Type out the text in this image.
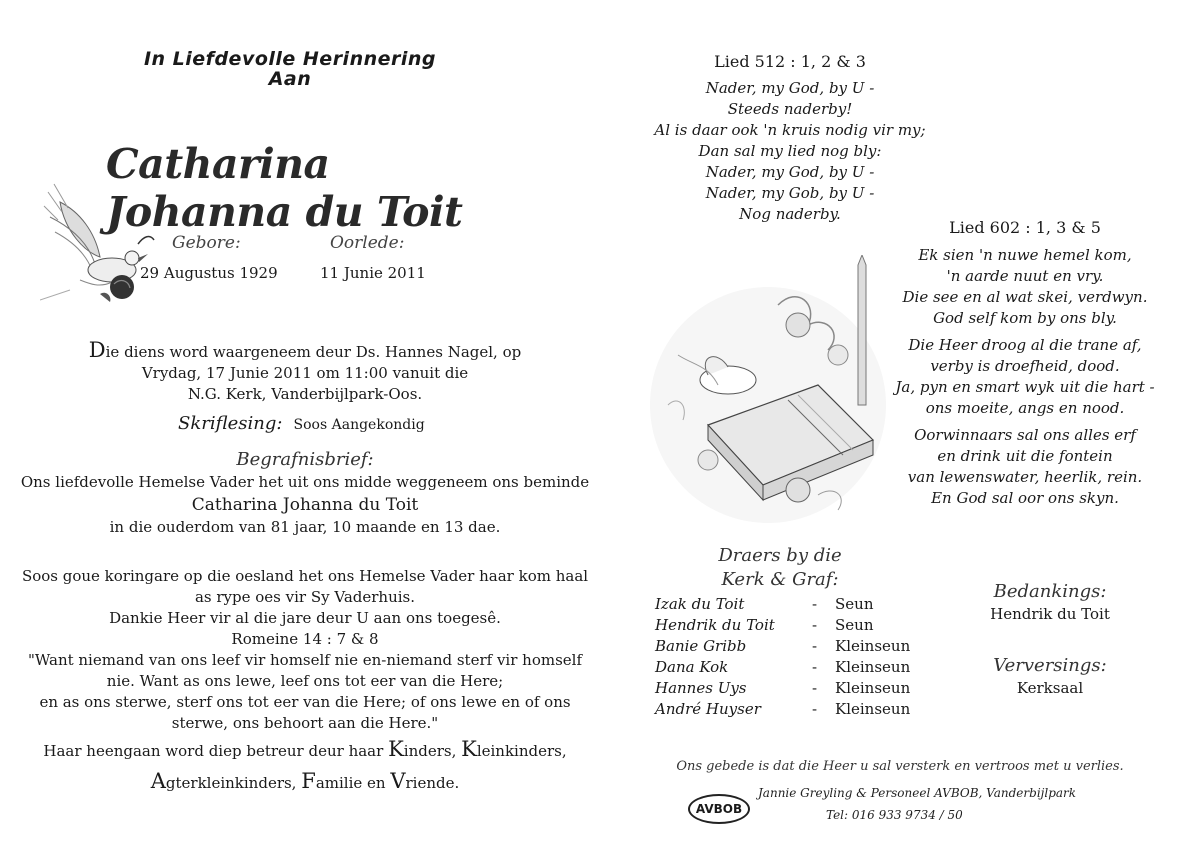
In Liefdevolle Herinnering
Aan
Catharina Johanna du Toit
Gebore:	Oorlede:
29 Augustus 1929	11 Junie 2011
Die diens word waargeneem deur Ds. Hannes Nagel, op
Vrydag, 17 Junie 2011 om 11:00 vanuit die
N.G. Kerk, Vanderbijlpark-Oos.
Skriflesing: Soos Aangekondig
Begrafnisbrief:
Ons liefdevolle Hemelse Vader het uit ons midde weggeneem ons beminde
Catharina Johanna du Toit
in die ouderdom van 81 jaar, 10 maande en 13 dae.
Soos goue koringare op die oesland het ons Hemelse Vader haar kom haal
as rype oes vir Sy Vaderhuis.
Dankie Heer vir al die jare deur U aan ons toegesê.
Romeine 14 : 7 & 8
"Want niemand van ons leef vir homself nie en-niemand sterf vir homself
nie. Want as ons lewe, leef ons tot eer van die Here;
en as ons sterwe, sterf ons tot eer van die Here; of ons lewe en of ons
sterwe, ons behoort aan die Here."
Haar heengaan word diep betreur deur haar Kinders, Kleinkinders,
Agterkleinkinders, Familie en Vriende.
Lied 512 : 1, 2 & 3
Nader, my God, by U -
Steeds naderby!
Al is daar ook 'n kruis nodig vir my;
Dan sal my lied nog bly:
Nader, my God, by U -
Nader, my Gob, by U -
Nog naderby.
Lied 602 : 1, 3 & 5
Ek sien 'n nuwe hemel kom,
'n aarde nuut en vry.
Die see en al wat skei, verdwyn.
God self kom by ons bly.
Die Heer droog al die trane af,
verby is droefheid, dood.
Ja, pyn en smart wyk uit die hart -
ons moeite, angs en nood.
Oorwinnaars sal ons alles erf
en drink uit die fontein
van lewenswater, heerlik, rein.
En God sal oor ons skyn.
Draers by die
Kerk & Graf:
Izak du Toit	- Seun
Hendrik du Toit - Seun
Banie Gribb	- Kleinseun
Dana Kok	- Kleinseun
Hannes Uys	- Kleinseun
André Huyser	- Kleinseun
Bedankings:
Hendrik du Toit
Verversings:
Kerksaal
Ons gebede is dat die Heer u sal versterk en vertroos met u verlies.
AVBOB
Jannie Greyling & Personeel AVBOB, Vanderbijlpark
Tel: 016 933 9734 / 50
